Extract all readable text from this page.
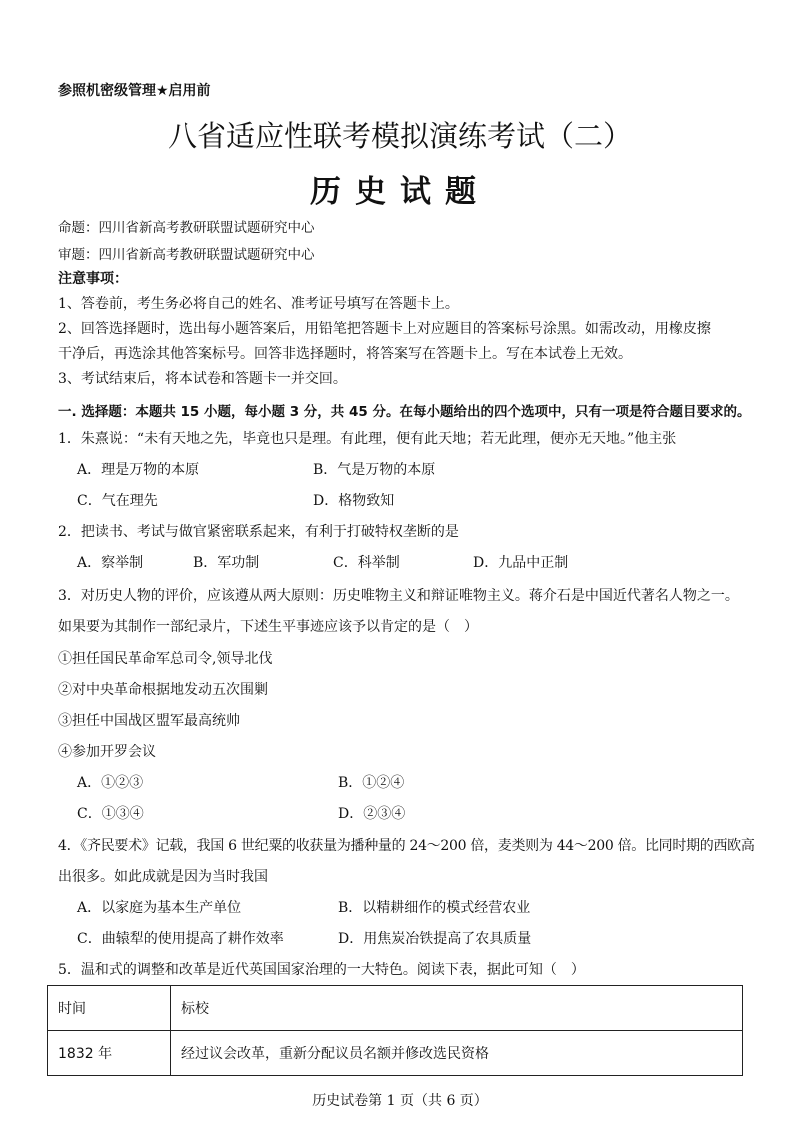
参照机密级管理★启用前
八省适应性联考模拟演练考试（二）
历史试题
命题：四川省新高考教研联盟试题研究中心
审题：四川省新高考教研联盟试题研究中心
注意事项：
1、答卷前，考生务必将自己的姓名、准考证号填写在答题卡上。
2、回答选择题时，选出每小题答案后，用铅笔把答题卡上对应题目的答案标号涂黑。如需改动，用橡皮擦
干净后，再选涂其他答案标号。回答非选择题时，将答案写在答题卡上。写在本试卷上无效。
3、考试结束后，将本试卷和答题卡一并交回。
一. 选择题：本题共 15 小题，每小题 3 分，共 45 分。在每小题给出的四个选项中，只有一项是符合题目要求的。
1．朱熹说：“未有天地之先，毕竟也只是理。有此理，便有此天地；若无此理，便亦无天地。”他主张
A．理是万物的本原	B．气是万物的本原
C．气在理先	D．格物致知
2．把读书、考试与做官紧密联系起来，有利于打破特权垄断的是
A．察举制	B．军功制	C．科举制	D．九品中正制
3．对历史人物的评价，应该遵从两大原则：历史唯物主义和辩证唯物主义。蒋介石是中国近代著名人物之一。
如果要为其制作一部纪录片，下述生平事迹应该予以肯定的是（　）
①担任国民革命军总司令,领导北伐
②对中央革命根据地发动五次围剿
③担任中国战区盟军最高统帅
④参加开罗会议
A．①②③	B．①②④
C．①③④	D．②③④
4．《齐民要术》记载，我国 6 世纪粟的收获量为播种量的 24～200 倍，麦类则为 44～200 倍。比同时期的西欧高
出很多。如此成就是因为当时我国
A．以家庭为基本生产单位	B．以精耕细作的模式经营农业
C．曲辕犁的使用提高了耕作效率	D．用焦炭冶铁提高了农具质量
5．温和式的调整和改革是近代英国国家治理的一大特色。阅读下表，据此可知（　）
时间	标校
1832 年	经过议会改革，重新分配议员名额并修改选民资格
历史试卷第 1 页（共 6 页）
